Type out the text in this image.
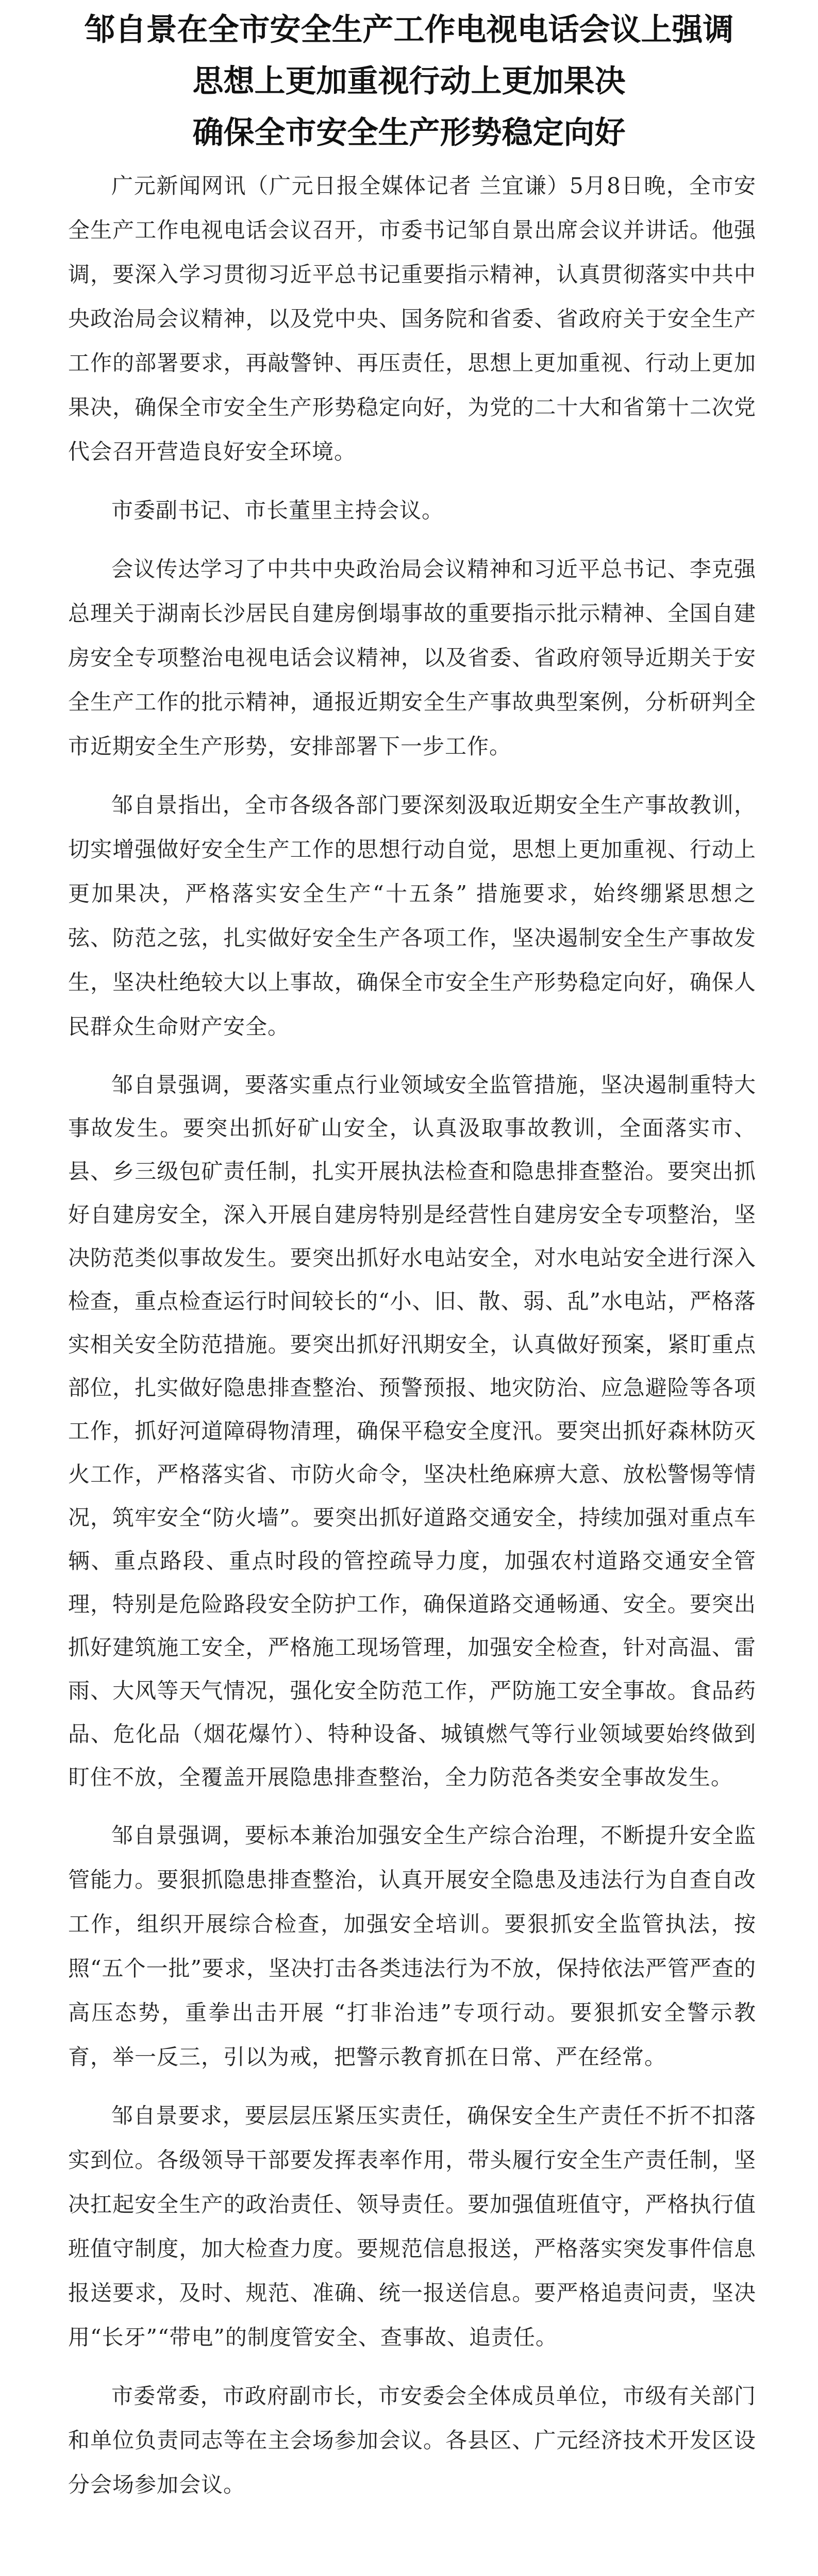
邹自景在全市安全生产工作电视电话会议上强调
思想上更加重视行动上更加果决
确保全市安全生产形势稳定向好

广元新闻网讯（广元日报全媒体记者 兰宜谦）5月8日晚，全市安全生产工作电视电话会议召开，市委书记邹自景出席会议并讲话。他强调，要深入学习贯彻习近平总书记重要指示精神，认真贯彻落实中共中央政治局会议精神，以及党中央、国务院和省委、省政府关于安全生产工作的部署要求，再敲警钟、再压责任，思想上更加重视、行动上更加果决，确保全市安全生产形势稳定向好，为党的二十大和省第十二次党代会召开营造良好安全环境。

市委副书记、市长董里主持会议。

会议传达学习了中共中央政治局会议精神和习近平总书记、李克强总理关于湖南长沙居民自建房倒塌事故的重要指示批示精神、全国自建房安全专项整治电视电话会议精神，以及省委、省政府领导近期关于安全生产工作的批示精神，通报近期安全生产事故典型案例，分析研判全市近期安全生产形势，安排部署下一步工作。

邹自景指出，全市各级各部门要深刻汲取近期安全生产事故教训，切实增强做好安全生产工作的思想行动自觉，思想上更加重视、行动上更加果决，严格落实安全生产“十五条” 措施要求，始终绷紧思想之弦、防范之弦，扎实做好安全生产各项工作，坚决遏制安全生产事故发生，坚决杜绝较大以上事故，确保全市安全生产形势稳定向好，确保人民群众生命财产安全。

邹自景强调，要落实重点行业领域安全监管措施，坚决遏制重特大事故发生。要突出抓好矿山安全，认真汲取事故教训，全面落实市、县、乡三级包矿责任制，扎实开展执法检查和隐患排查整治。要突出抓好自建房安全，深入开展自建房特别是经营性自建房安全专项整治，坚决防范类似事故发生。要突出抓好水电站安全，对水电站安全进行深入检查，重点检查运行时间较长的“小、旧、散、弱、乱”水电站，严格落实相关安全防范措施。要突出抓好汛期安全，认真做好预案，紧盯重点部位，扎实做好隐患排查整治、预警预报、地灾防治、应急避险等各项工作，抓好河道障碍物清理，确保平稳安全度汛。要突出抓好森林防灭火工作，严格落实省、市防火命令，坚决杜绝麻痹大意、放松警惕等情况，筑牢安全“防火墙”。要突出抓好道路交通安全，持续加强对重点车辆、重点路段、重点时段的管控疏导力度，加强农村道路交通安全管理，特别是危险路段安全防护工作，确保道路交通畅通、安全。要突出抓好建筑施工安全，严格施工现场管理，加强安全检查，针对高温、雷雨、大风等天气情况，强化安全防范工作，严防施工安全事故。食品药品、危化品（烟花爆竹）、特种设备、城镇燃气等行业领域要始终做到盯住不放，全覆盖开展隐患排查整治，全力防范各类安全事故发生。

邹自景强调，要标本兼治加强安全生产综合治理，不断提升安全监管能力。要狠抓隐患排查整治，认真开展安全隐患及违法行为自查自改工作，组织开展综合检查，加强安全培训。要狠抓安全监管执法，按照“五个一批”要求，坚决打击各类违法行为不放，保持依法严管严查的高压态势，重拳出击开展 “打非治违”专项行动。要狠抓安全警示教育，举一反三，引以为戒，把警示教育抓在日常、严在经常。

邹自景要求，要层层压紧压实责任，确保安全生产责任不折不扣落实到位。各级领导干部要发挥表率作用，带头履行安全生产责任制，坚决扛起安全生产的政治责任、领导责任。要加强值班值守，严格执行值班值守制度，加大检查力度。要规范信息报送，严格落实突发事件信息报送要求，及时、规范、准确、统一报送信息。要严格追责问责，坚决用“长牙”“带电”的制度管安全、查事故、追责任。

市委常委，市政府副市长，市安委会全体成员单位，市级有关部门和单位负责同志等在主会场参加会议。各县区、广元经济技术开发区设分会场参加会议。
